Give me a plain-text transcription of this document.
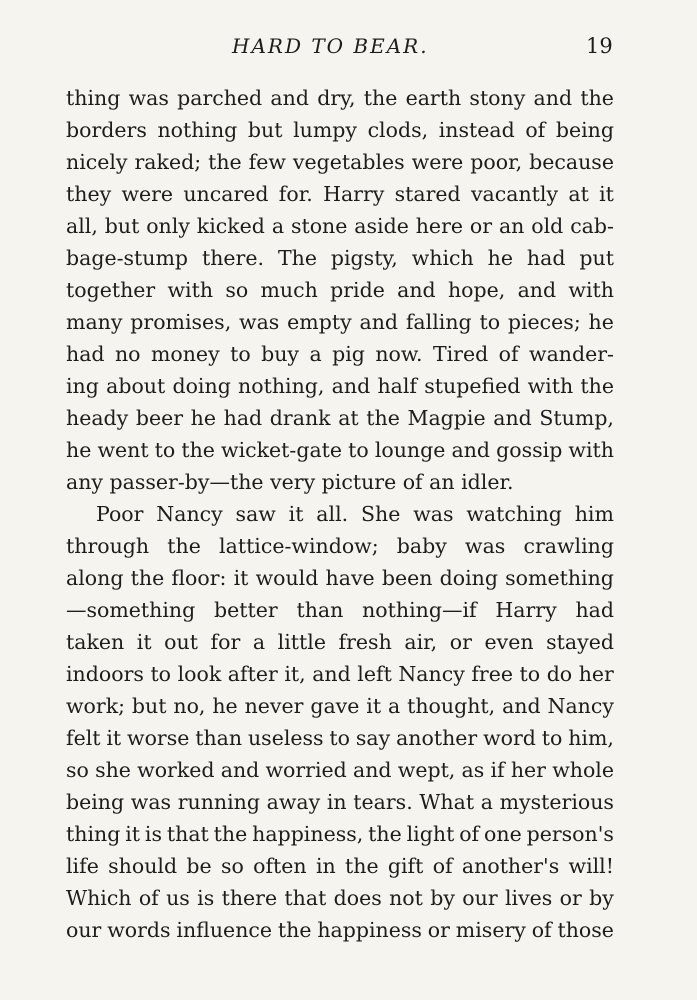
HARD TO BEAR.	19
thing was parched and dry, the earth stony and the
borders nothing but lumpy clods, instead of being
nicely raked; the few vegetables were poor, because
they were uncared for. Harry stared vacantly at it
all, but only kicked a stone aside here or an old cab-
bage-stump there. The pigsty, which he had put
together with so much pride and hope, and with
many promises, was empty and falling to pieces; he
had no money to buy a pig now. Tired of wander-
ing about doing nothing, and half stupefied with the
heady beer he had drank at the Magpie and Stump,
he went to the wicket-gate to lounge and gossip with
any passer-by—the very picture of an idler.
Poor Nancy saw it all. She was watching him
through the lattice-window; baby was crawling
along the floor: it would have been doing something
—something better than nothing—if Harry had
taken it out for a little fresh air, or even stayed
indoors to look after it, and left Nancy free to do her
work; but no, he never gave it a thought, and Nancy
felt it worse than useless to say another word to him,
so she worked and worried and wept, as if her whole
being was running away in tears. What a mysterious
thing it is that the happiness, the light of one person's
life should be so often in the gift of another's will!
Which of us is there that does not by our lives or by
our words influence the happiness or misery of those
